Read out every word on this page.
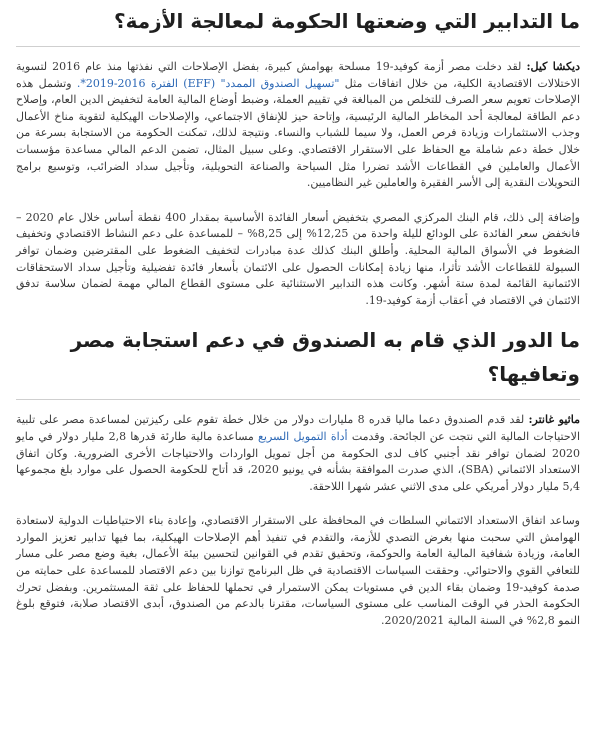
ما التدابير التي وضعتها الحكومة لمعالجة الأزمة؟

ديكشا كيل: لقد دخلت مصر أزمة كوفيد-19 مسلحة بهوامش كبيرة، بفضل الإصلاحات التي نفذتها منذ عام 2016 لتسوية الاختلالات الاقتصادية الكلية، من خلال اتفاقات مثل "تسهيل الصندوق الممدد" (EFF) الفترة 2016-2019*. وتشمل هذه الإصلاحات تعويم سعر الصرف للتخلص من المبالغة في تقييم العملة، وضبط أوضاع المالية العامة لتخفيض الدين العام، وإصلاح دعم الطاقة لمعالجة أحد المخاطر المالية الرئيسية، وإتاحة حيز للإنفاق الاجتماعي، والإصلاحات الهيكلية لتقوية مناخ الأعمال وجذب الاستثمارات وزيادة فرص العمل، ولا سيما للشباب والنساء. ونتيجة لذلك، تمكنت الحكومة من الاستجابة بسرعة من خلال خطة دعم شاملة مع الحفاظ على الاستقرار الاقتصادي. وعلى سبيل المثال، تضمن الدعم المالي مساعدة مؤسسات الأعمال والعاملين في القطاعات الأشد تضررا مثل السياحة والصناعة التحويلية، وتأجيل سداد الضرائب، وتوسيع برامج التحويلات النقدية إلى الأسر الفقيرة والعاملين غير النظاميين.

وإضافة إلى ذلك، قام البنك المركزي المصري بتخفيض أسعار الفائدة الأساسية بمقدار 400 نقطة أساس خلال عام 2020 – فانخفض سعر الفائدة على الودائع لليلة واحدة من 12,25% إلى 8,25% – للمساعدة على دعم النشاط الاقتصادي وتخفيف الضغوط في الأسواق المالية المحلية. وأطلق البنك كذلك عدة مبادرات لتخفيف الضغوط على المقترضين وضمان توافر السيولة للقطاعات الأشد تأثرا، منها زيادة إمكانات الحصول على الائتمان بأسعار فائدة تفضيلية وتأجيل سداد الاستحقاقات الائتمانية القائمة لمدة ستة أشهر. وكانت هذه التدابير الاستثنائية على مستوى القطاع المالي مهمة لضمان سلاسة تدفق الائتمان في الاقتصاد في أعقاب أزمة كوفيد-19.

ما الدور الذي قام به الصندوق في دعم استجابة مصر وتعافيها؟

ماثيو غانتر: لقد قدم الصندوق دعما ماليا قدره 8 مليارات دولار من خلال خطة تقوم على ركيزتين لمساعدة مصر على تلبية الاحتياجات المالية التي نتجت عن الجائحة. وقدمت أداة التمويل السريع مساعدة مالية طارئة قدرها 2,8 مليار دولار في مايو 2020 لضمان توافر نقد أجنبي كاف لدى الحكومة من أجل تمويل الواردات والاحتياجات الأخرى الضرورية. وكان اتفاق الاستعداد الائتماني (SBA)، الذي صدرت الموافقة بشأنه في يونيو 2020، قد أتاح للحكومة الحصول على موارد بلغ مجموعها 5,4 مليار دولار أمريكي على مدى الاثني عشر شهرا اللاحقة.

وساعد اتفاق الاستعداد الائتماني السلطات في المحافظة على الاستقرار الاقتصادي، وإعادة بناء الاحتياطيات الدولية لاستعادة الهوامش التي سحبت منها بغرض التصدي للأزمة، والتقدم في تنفيذ أهم الإصلاحات الهيكلية، بما فيها تدابير تعزيز الموارد العامة، وزيادة شفافية المالية العامة والحوكمة، وتحقيق تقدم في القوانين لتحسين بيئة الأعمال، بغية وضع مصر على مسار للتعافي القوي والاحتوائي. وحققت السياسات الاقتصادية في ظل البرنامج توازنا بين دعم الاقتصاد للمساعدة على حمايته من صدمة كوفيد-19 وضمان بقاء الدين في مستويات يمكن الاستمرار في تحملها للحفاظ على ثقة المستثمرين. وبفضل تحرك الحكومة الحذر في الوقت المناسب على مستوى السياسات، مقترنا بالدعم من الصندوق، أبدى الاقتصاد صلابة، فتوقع بلوغ النمو 2,8% في السنة المالية 2020/2021.
